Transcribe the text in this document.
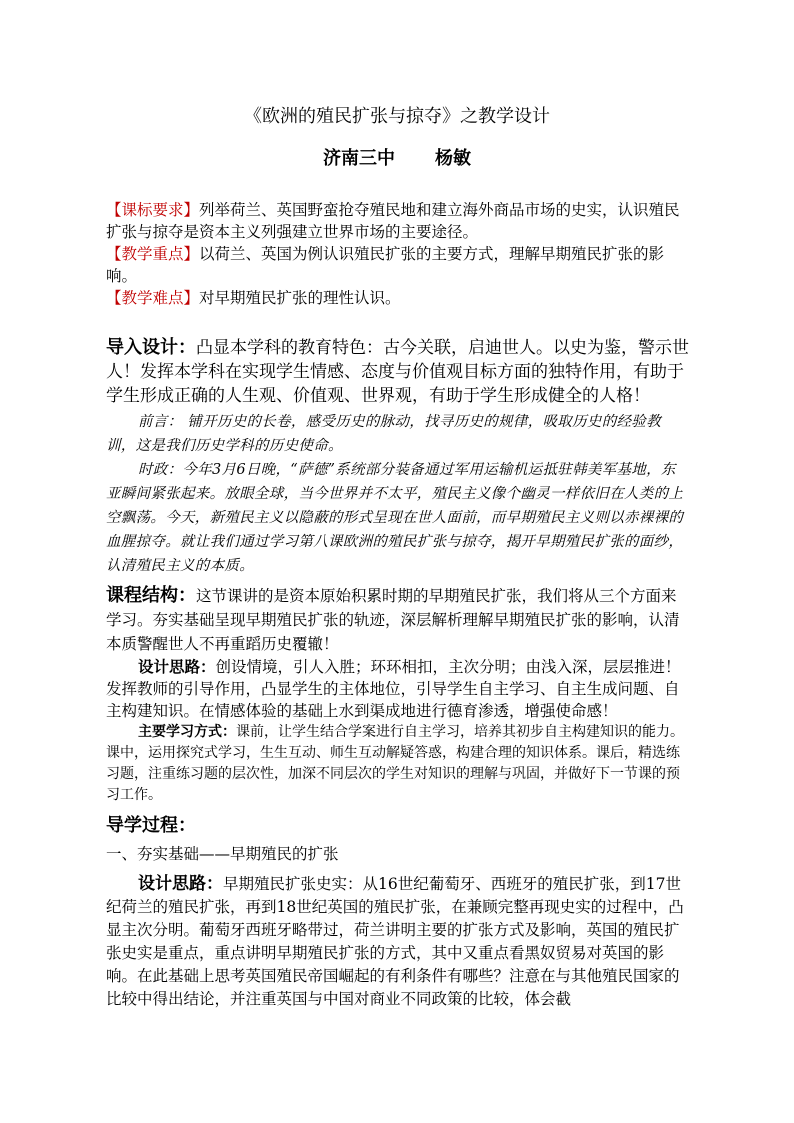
《欧洲的殖民扩张与掠夺》之教学设计
济南三中 杨敏

【课标要求】列举荷兰、英国野蛮抢夺殖民地和建立海外商品市场的史实，认识殖民扩张与掠夺是资本主义列强建立世界市场的主要途径。

【教学重点】以荷兰、英国为例认识殖民扩张的主要方式，理解早期殖民扩张的影响。

【教学难点】对早期殖民扩张的理性认识。

导入设计：凸显本学科的教育特色：古今关联，启迪世人。以史为鉴，警示世人！发挥本学科在实现学生情感、态度与价值观目标方面的独特作用，有助于学生形成正确的人生观、价值观、世界观，有助于学生形成健全的人格！

前言： 铺开历史的长卷，感受历史的脉动，找寻历史的规律，吸取历史的经验教训，这是我们历史学科的历史使命。

时政：今年3月6日晚，“萨德”系统部分装备通过军用运输机运抵驻韩美军基地，东亚瞬间紧张起来。放眼全球，当今世界并不太平，殖民主义像个幽灵一样依旧在人类的上空飘荡。今天，新殖民主义以隐蔽的形式呈现在世人面前，而早期殖民主义则以赤裸裸的血腥掠夺。就让我们通过学习第八课欧洲的殖民扩张与掠夺，揭开早期殖民扩张的面纱，认清殖民主义的本质。

课程结构：这节课讲的是资本原始积累时期的早期殖民扩张，我们将从三个方面来学习。夯实基础呈现早期殖民扩张的轨迹，深层解析理解早期殖民扩张的影响，认清本质警醒世人不再重蹈历史覆辙！

设计思路：创设情境，引人入胜；环环相扣，主次分明；由浅入深，层层推进！发挥教师的引导作用，凸显学生的主体地位，引导学生自主学习、自主生成问题、自主构建知识。在情感体验的基础上水到渠成地进行德育渗透，增强使命感！

主要学习方式：课前，让学生结合学案进行自主学习，培养其初步自主构建知识的能力。课中，运用探究式学习，生生互动、师生互动解疑答惑，构建合理的知识体系。课后，精选练习题，注重练习题的层次性，加深不同层次的学生对知识的理解与巩固，并做好下一节课的预习工作。

导学过程：

一、夯实基础——早期殖民的扩张

设计思路：早期殖民扩张史实：从16世纪葡萄牙、西班牙的殖民扩张，到17世纪荷兰的殖民扩张，再到18世纪英国的殖民扩张，在兼顾完整再现史实的过程中，凸显主次分明。葡萄牙西班牙略带过，荷兰讲明主要的扩张方式及影响，英国的殖民扩张史实是重点，重点讲明早期殖民扩张的方式，其中又重点看黑奴贸易对英国的影响。在此基础上思考英国殖民帝国崛起的有利条件有哪些？注意在与其他殖民国家的比较中得出结论，并注重英国与中国对商业不同政策的比较，体会截
